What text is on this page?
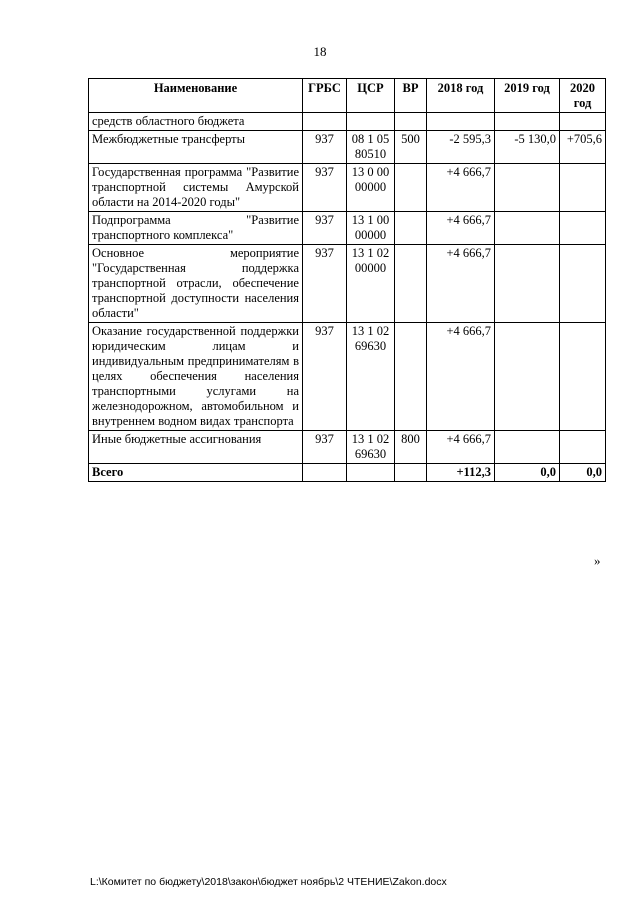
18
Наименование	ГРБС	ЦСР	ВР	2018 год	2019 год	2020 год
средств областного бюджета						
Межбюджетные трансферты	937	08 1 05 80510	500	-2 595,3	-5 130,0	+705,6
Государственная программа "Развитие транспортной системы Амурской области на 2014-2020 годы"	937	13 0 00 00000		+4 666,7		
Подпрограмма "Развитие транспортного комплекса"	937	13 1 00 00000		+4 666,7		
Основное мероприятие "Государственная поддержка транспортной отрасли, обеспечение транспортной доступности населения области"	937	13 1 02 00000		+4 666,7		
Оказание государственной поддержки юридическим лицам и индивидуальным предпринимателям в целях обеспечения населения транспортными услугами на железнодорожном, автомобильном и внутреннем водном видах транспорта	937	13 1 02 69630		+4 666,7		
Иные бюджетные ассигнования	937	13 1 02 69630	800	+4 666,7		
Всего				+112,3	0,0	0,0
»
L:\Комитет по бюджету\2018\закон\бюджет ноябрь\2 ЧТЕНИЕ\Zakon.docx
